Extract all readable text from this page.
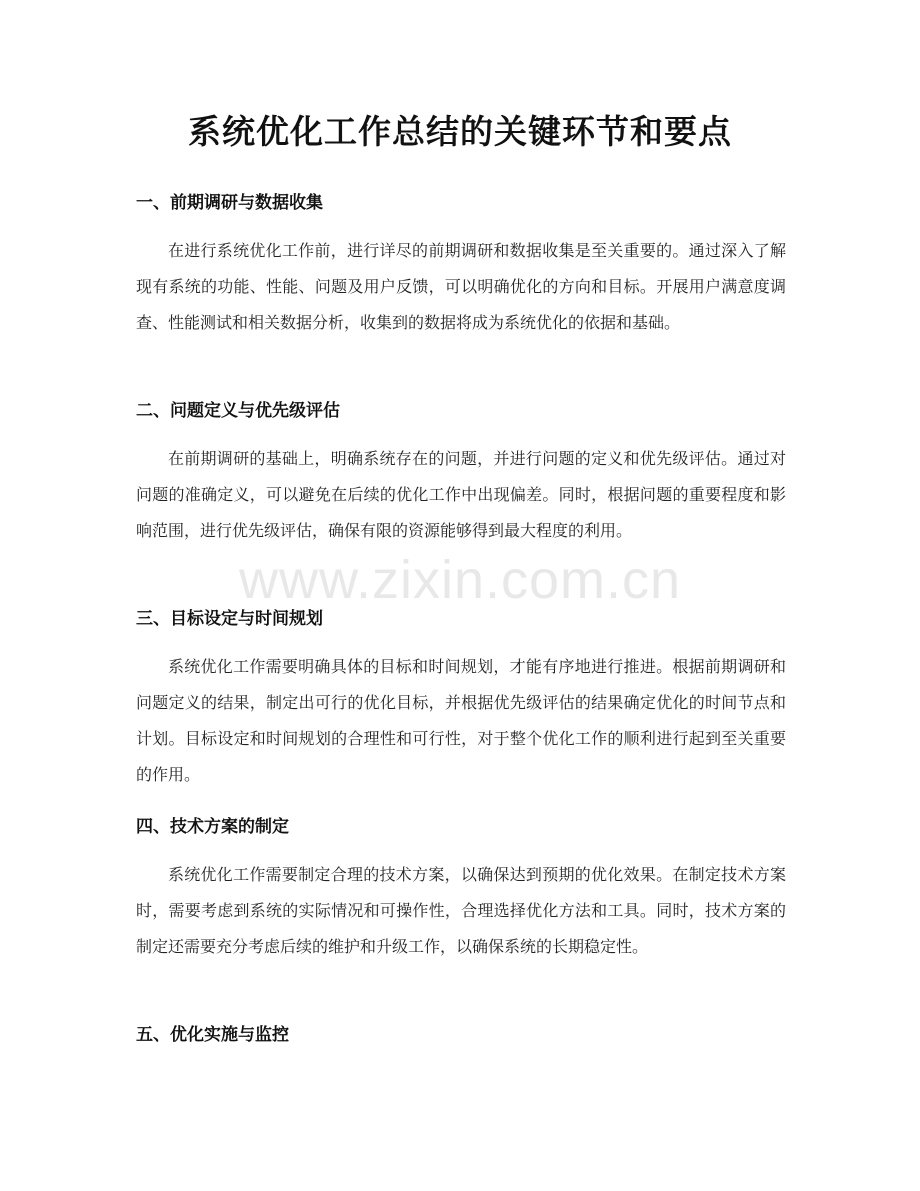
系统优化工作总结的关键环节和要点
一、前期调研与数据收集
在进行系统优化工作前，进行详尽的前期调研和数据收集是至关重要的。通过深入了解现有系统的功能、性能、问题及用户反馈，可以明确优化的方向和目标。开展用户满意度调查、性能测试和相关数据分析，收集到的数据将成为系统优化的依据和基础。
二、问题定义与优先级评估
在前期调研的基础上，明确系统存在的问题，并进行问题的定义和优先级评估。通过对问题的准确定义，可以避免在后续的优化工作中出现偏差。同时，根据问题的重要程度和影响范围，进行优先级评估，确保有限的资源能够得到最大程度的利用。
三、目标设定与时间规划
系统优化工作需要明确具体的目标和时间规划，才能有序地进行推进。根据前期调研和问题定义的结果，制定出可行的优化目标，并根据优先级评估的结果确定优化的时间节点和计划。目标设定和时间规划的合理性和可行性，对于整个优化工作的顺利进行起到至关重要的作用。
四、技术方案的制定
系统优化工作需要制定合理的技术方案，以确保达到预期的优化效果。在制定技术方案时，需要考虑到系统的实际情况和可操作性，合理选择优化方法和工具。同时，技术方案的制定还需要充分考虑后续的维护和升级工作，以确保系统的长期稳定性。
五、优化实施与监控
www.zixin.com.cn
